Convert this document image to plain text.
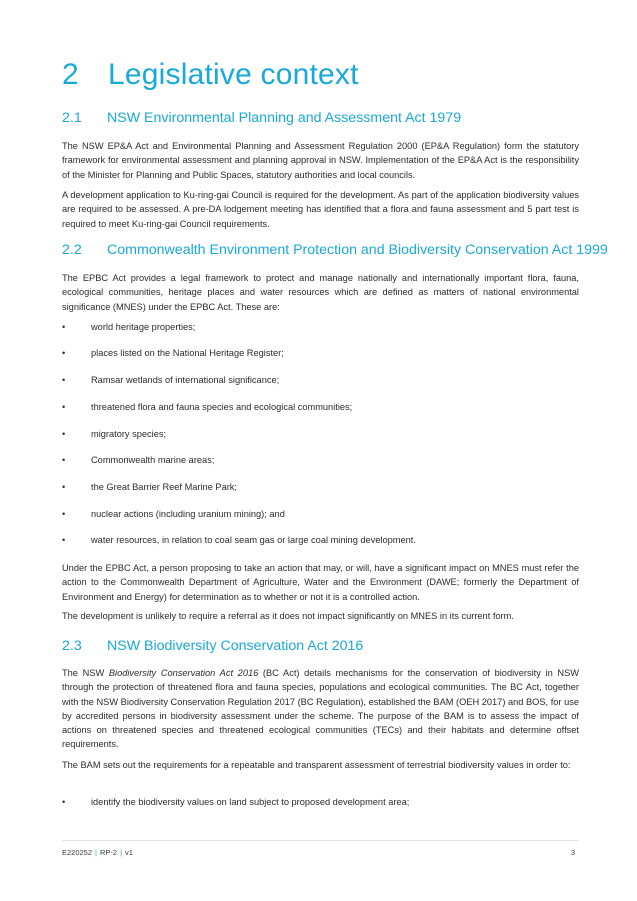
2 Legislative context
2.1 NSW Environmental Planning and Assessment Act 1979

The NSW EP&A Act and Environmental Planning and Assessment Regulation 2000 (EP&A Regulation) form the statutory framework for environmental assessment and planning approval in NSW. Implementation of the EP&A Act is the responsibility of the Minister for Planning and Public Spaces, statutory authorities and local councils.

A development application to Ku-ring-gai Council is required for the development. As part of the application biodiversity values are required to be assessed. A pre-DA lodgement meeting has identified that a flora and fauna assessment and 5 part test is required to meet Ku-ring-gai Council requirements.

2.2 Commonwealth Environment Protection and Biodiversity Conservation Act 1999

The EPBC Act provides a legal framework to protect and manage nationally and internationally important flora, fauna, ecological communities, heritage places and water resources which are defined as matters of national environmental significance (MNES) under the EPBC Act. These are:

•	world heritage properties;
•	places listed on the National Heritage Register;
•	Ramsar wetlands of international significance;
•	threatened flora and fauna species and ecological communities;
•	migratory species;
•	Commonwealth marine areas;
•	the Great Barrier Reef Marine Park;
•	nuclear actions (including uranium mining); and
•	water resources, in relation to coal seam gas or large coal mining development.

Under the EPBC Act, a person proposing to take an action that may, or will, have a significant impact on MNES must refer the action to the Commonwealth Department of Agriculture, Water and the Environment (DAWE; formerly the Department of Environment and Energy) for determination as to whether or not it is a controlled action.

The development is unlikely to require a referral as it does not impact significantly on MNES in its current form.

2.3 NSW Biodiversity Conservation Act 2016

The NSW Biodiversity Conservation Act 2016 (BC Act) details mechanisms for the conservation of biodiversity in NSW through the protection of threatened flora and fauna species, populations and ecological communities. The BC Act, together with the NSW Biodiversity Conservation Regulation 2017 (BC Regulation), established the BAM (OEH 2017) and BOS, for use by accredited persons in biodiversity assessment under the scheme. The purpose of the BAM is to assess the impact of actions on threatened species and threatened ecological communities (TECs) and their habitats and determine offset requirements.

The BAM sets out the requirements for a repeatable and transparent assessment of terrestrial biodiversity values in order to:

•	identify the biodiversity values on land subject to proposed development area;
E220252 | RP-2 | v1	3
